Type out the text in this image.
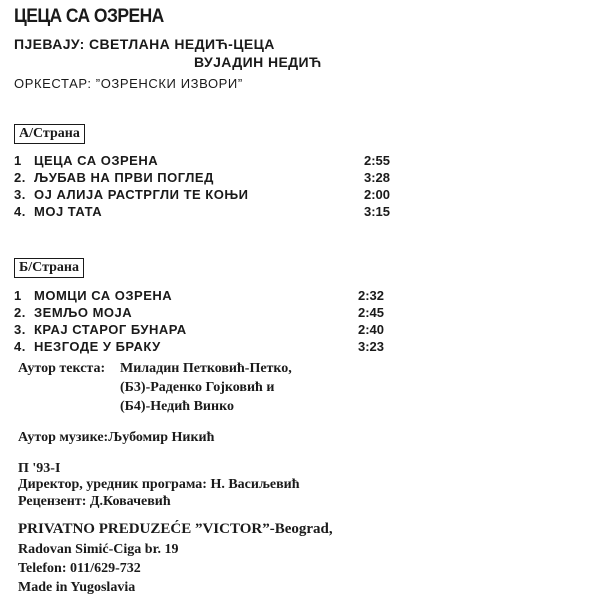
ЦЕЦА СА ОЗРЕНА
ПЈЕВАЈУ: СВЕТЛАНА НЕДИЋ-ЦЕЦА
ВУЈАДИН НЕДИЋ
ОРКЕСТАР: ”ОЗРЕНСКИ ИЗВОРИ”
А/Страна
1 ЦЕЦА СА ОЗРЕНА	2:55
2. ЉУБАВ НА ПРВИ ПОГЛЕД	3:28
3. ОЈ АЛИЈА РАСТРГЛИ ТЕ КОЊИ	2:00
4. МОЈ ТАТА	3:15
Б/Страна
1 МОМЦИ СА ОЗРЕНА	2:32
2. ЗЕМЉО МОЈА	2:45
3. КРАЈ СТАРОГ БУНАРА	2:40
4. НЕЗГОДЕ У БРАКУ	3:23
Аутор текста: Миладин Петковић-Петко,
(Б3)-Раденко Гојковић и
(Б4)-Недић Винко
Аутор музике:Љубомир Никић
П '93-I
Директор, уредник програма: Н. Васиљевић
Рецензент: Д.Ковачевић
PRIVATNO PREDUZEĆE ”VICTOR”-Beograd,
Radovan Simić-Ciga br. 19
Telefon: 011/629-732
Made in Yugoslavia
